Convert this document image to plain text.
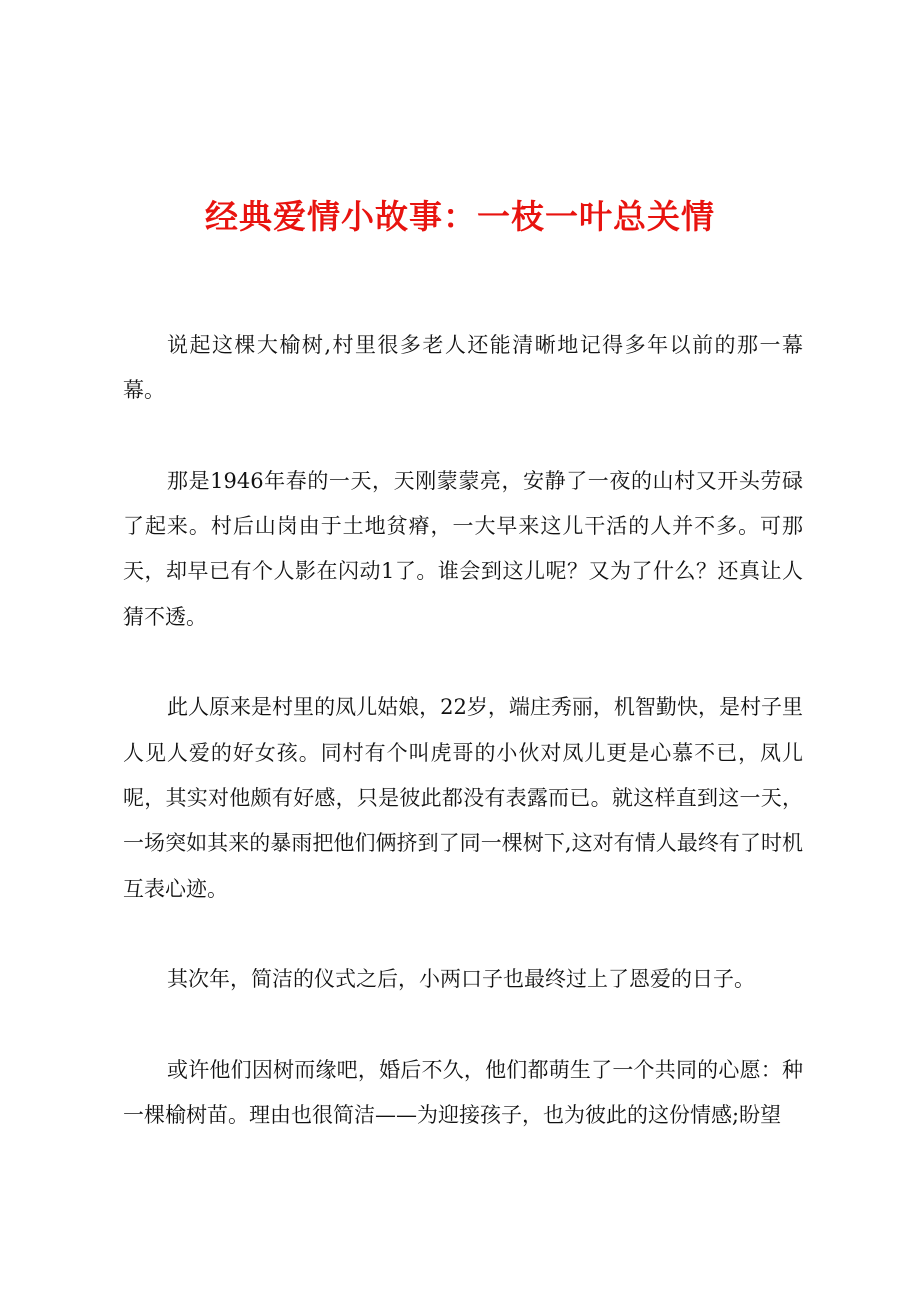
经典爱情小故事：一枝一叶总关情

说起这棵大榆树,村里很多老人还能清晰地记得多年以前的那一幕幕。

那是1946年春的一天，天刚蒙蒙亮，安静了一夜的山村又开头劳碌了起来。村后山岗由于土地贫瘠，一大早来这儿干活的人并不多。可那天，却早已有个人影在闪动1了。谁会到这儿呢？又为了什么？还真让人猜不透。

此人原来是村里的凤儿姑娘，22岁，端庄秀丽，机智勤快，是村子里人见人爱的好女孩。同村有个叫虎哥的小伙对凤儿更是心慕不已，凤儿呢，其实对他颇有好感，只是彼此都没有表露而已。就这样直到这一天，一场突如其来的暴雨把他们俩挤到了同一棵树下,这对有情人最终有了时机互表心迹。

其次年，简洁的仪式之后，小两口子也最终过上了恩爱的日子。

或许他们因树而缘吧，婚后不久，他们都萌生了一个共同的心愿：种一棵榆树苗。理由也很简洁——为迎接孩子，也为彼此的这份情感;盼望
